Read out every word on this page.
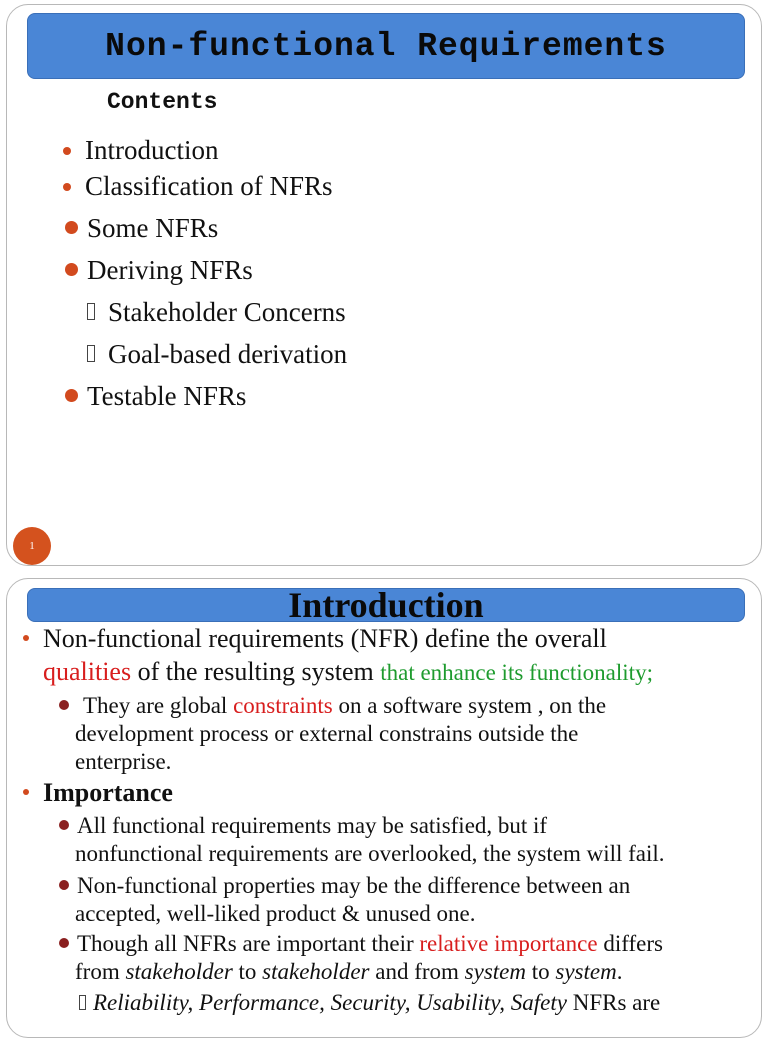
Non-functional Requirements
Contents
Introduction
Classification of NFRs
Some NFRs
Deriving NFRs
Stakeholder Concerns
Goal-based derivation
Testable NFRs
1
Introduction
Non-functional requirements (NFR) define the overall
qualities of the resulting system that enhance its functionality;
They are global constraints on a software system , on the
development process or external constrains outside the
enterprise.
Importance
All functional requirements may be satisfied, but if
nonfunctional requirements are overlooked, the system will fail.
Non-functional properties may be the difference between an
accepted, well-liked product & unused one.
Though all NFRs are important their relative importance differs
from stakeholder to stakeholder and from system to system.
Reliability, Performance, Security, Usability, Safety NFRs are
